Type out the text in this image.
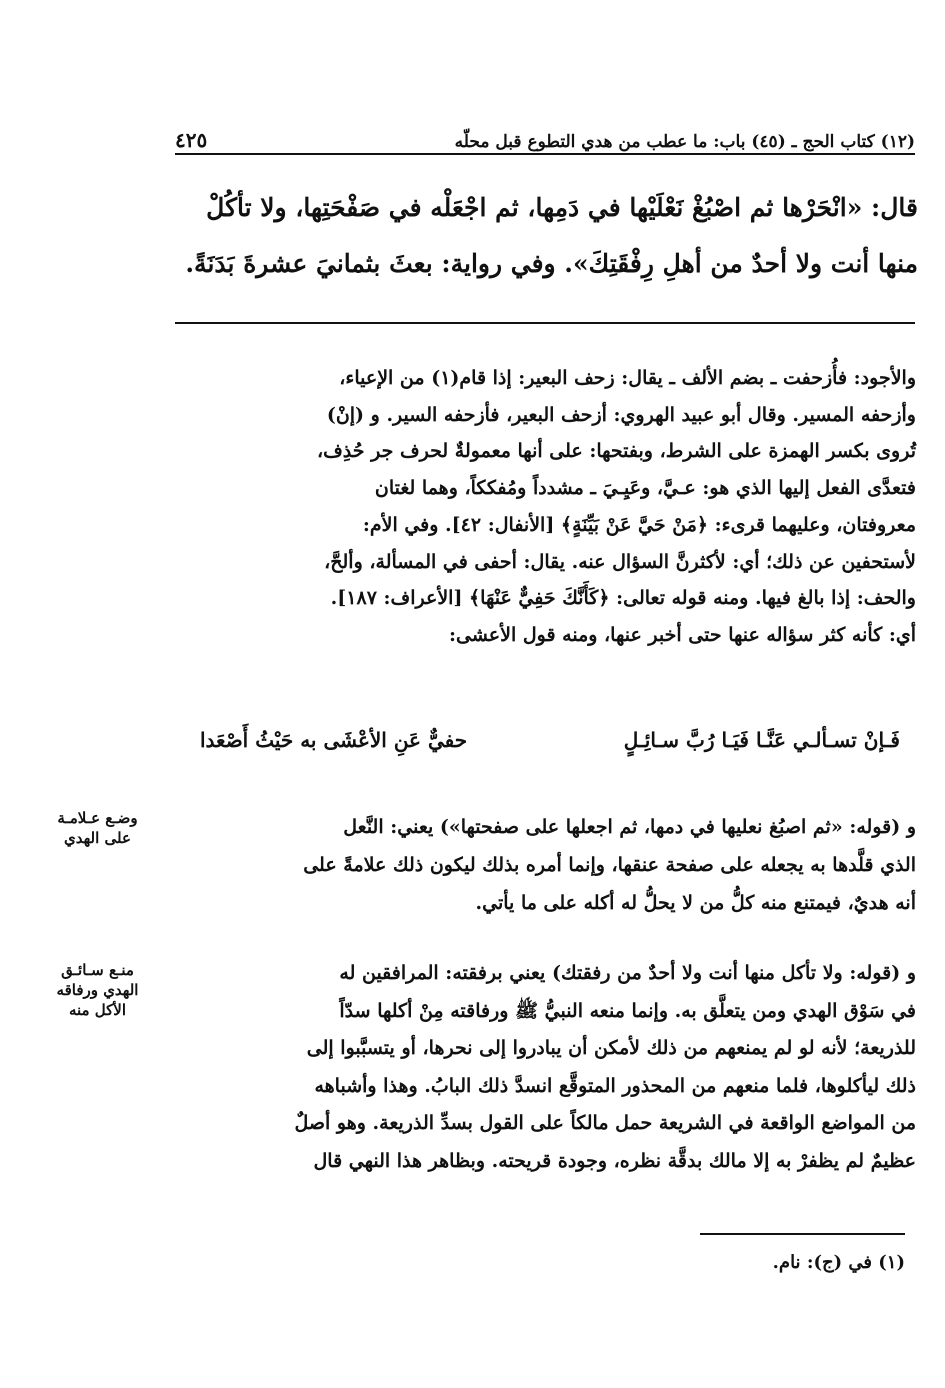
(١٢) كتاب الحج ـ (٤٥) باب: ما عطب من هدي التطوع قبل محلّه
٤٢٥

قال: «انْحَرْها ثم اصْبُغْ نَعْلَيْها في دَمِها، ثم اجْعَلْه في صَفْحَتِها، ولا تأكُلْ

منها أنت ولا أحدٌ من أهلِ رِفْقَتِكَ». وفي رواية: بعثَ بثمانيَ عشرةَ بَدَنَةً.

والأجود: فأُزحفت ـ بضم الألف ـ يقال: زحف البعير: إذا قام(١) من الإعياء،

وأزحفه المسير. وقال أبو عبيد الهروي: أزحف البعير، فأزحفه السير. و (إنْ)

تُروى بكسر الهمزة على الشرط، وبفتحها: على أنها معمولةٌ لحرف جر حُذِف،

فتعدَّى الفعل إليها الذي هو: عـيَّ، وعَيِـيَ ـ مشدداً ومُفككاً، وهما لغتان

معروفتان، وعليهما قرىء: ﴿مَنْ حَيَّ عَنْ بَيِّنَةٍ﴾ [الأنفال: ٤٢]. وفي الأم:

لأستحفين عن ذلك؛ أي: لأكثرنَّ السؤال عنه. يقال: أحفى في المسألة، وألحَّ،

والحف: إذا بالغ فيها. ومنه قوله تعالى: ﴿كَأَنَّكَ حَفِيٌّ عَنْهَا﴾ [الأعراف: ١٨٧].

أي: كأنه كثر سؤاله عنها حتى أخبر عنها، ومنه قول الأعشى:

فَـإنْ تسـألـي عَنَّـا فَيَـا رُبَّ سـائِـلٍ
حفيٌّ عَنِ الأعْشَى به حَيْثُ أَصْعَدا

و (قوله: «ثم اصبُغ نعليها في دمها، ثم اجعلها على صفحتها») يعني: النَّعل

الذي قلَّدها به يجعله على صفحة عنقها، وإنما أمره بذلك ليكون ذلك علامةً على

أنه هديٌ، فيمتنع منه كلُّ من لا يحلُّ له أكله على ما يأتي.

وضـع عـلامـة
على الهدي

و (قوله: ولا تأكل منها أنت ولا أحدٌ من رفقتك) يعني برفقته: المرافقين له

في سَوْق الهدي ومن يتعلَّق به. وإنما منعه النبيُّ ﷺ ورفاقته مِنْ أكلها سدّاً

للذريعة؛ لأنه لو لم يمنعهم من ذلك لأمكن أن يبادروا إلى نحرها، أو يتسبَّبوا إلى

ذلك ليأكلوها، فلما منعهم من المحذور المتوقَّع انسدَّ ذلك البابُ. وهذا وأشباهه

من المواضع الواقعة في الشريعة حمل مالكاً على القول بسدِّ الذريعة. وهو أصلٌ

عظيمٌ لم يظفرْ به إلا مالك بدقَّة نظره، وجودة قريحته. وبظاهر هذا النهي قال

منـع سـائـق
الهدي ورفاقه
الأكل منه
(١) في (ج): نام.
